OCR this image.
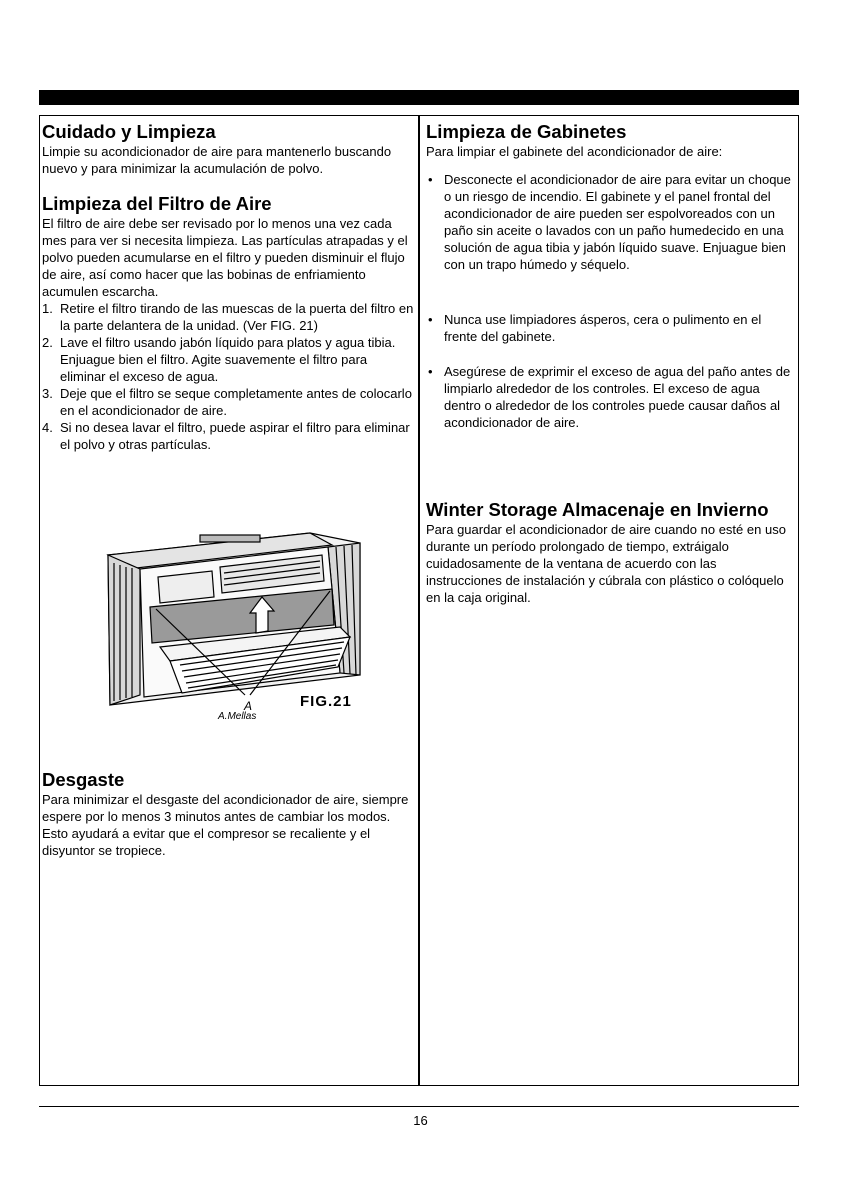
Cuidado y Limpieza

Limpie su acondicionador de aire para mantenerlo buscando nuevo y para minimizar la acumulación de polvo.

Limpieza del Filtro de Aire

El filtro de aire debe ser revisado por lo menos una vez cada mes para ver si necesita limpieza. Las partículas atrapadas y el polvo pueden acumularse en el filtro y pueden disminuir el flujo de aire, así como hacer que las bobinas de enfriamiento acumulen escarcha.

1. Retire el filtro tirando de las muescas de la puerta del filtro en la parte delantera de la unidad. (Ver FIG. 21)
2. Lave el filtro usando jabón líquido para platos y agua tibia. Enjuague bien el filtro. Agite suavemente el filtro para eliminar el exceso de agua.
3. Deje que el filtro se seque completamente antes de colocarlo en el acondicionador de aire.
4. Si no desea lavar el filtro, puede aspirar el filtro para eliminar el polvo y otras partículas.
A
A.Mellas
FIG.21
Desgaste

Para minimizar el desgaste del acondicionador de aire, siempre espere por lo menos 3 minutos antes de cambiar los modos. Esto ayudará a evitar que el compresor se recaliente y el disyuntor se tropiece.

Limpieza de Gabinetes

Para limpiar el gabinete del acondicionador de aire:

• Desconecte el acondicionador de aire para evitar un choque o un riesgo de incendio. El gabinete y el panel frontal del acondicionador de aire pueden ser espolvoreados con un paño sin aceite o lavados con un paño humedecido en una solución de agua tibia y jabón líquido suave. Enjuague bien con un trapo húmedo y séquelo.
• Nunca use limpiadores ásperos, cera o pulimento en el frente del gabinete.
• Asegúrese de exprimir el exceso de agua del paño antes de limpiarlo alrededor de los controles. El exceso de agua dentro o alrededor de los controles puede causar daños al acondicionador de aire.
Winter Storage Almacenaje en Invierno

Para guardar el acondicionador de aire cuando no esté en uso durante un período prolongado de tiempo, extráigalo cuidadosamente de la ventana de acuerdo con las instrucciones de instalación y cúbrala con plástico o colóquelo en la caja original.

16
